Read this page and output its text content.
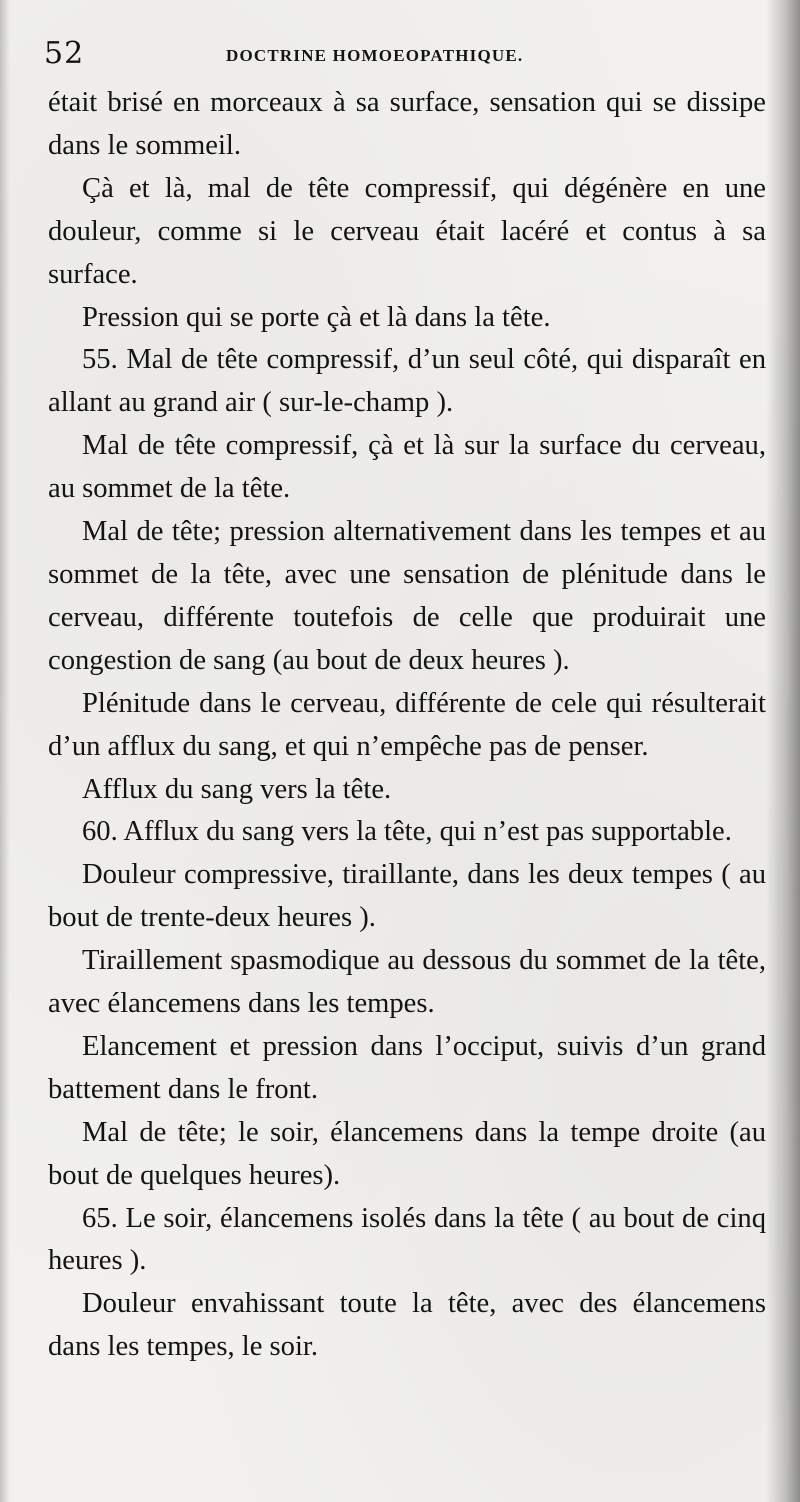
52	DOCTRINE HOMOEOPATHIQUE.

était brisé en morceaux à sa surface, sensation qui se dissipe dans le sommeil.

Çà et là, mal de tête compressif, qui dégénère en une douleur, comme si le cerveau était lacéré et contus à sa surface.

Pression qui se porte çà et là dans la tête.

55. Mal de tête compressif, d’un seul côté, qui disparaît en allant au grand air ( sur-le-champ ).

Mal de tête compressif, çà et là sur la surface du cerveau, au sommet de la tête.

Mal de tête; pression alternativement dans les tempes et au sommet de la tête, avec une sensation de plénitude dans le cerveau, différente toutefois de celle que produirait une congestion de sang (au bout de deux heures ).

Plénitude dans le cerveau, différente de cele qui résulterait d’un afflux du sang, et qui n’empêche pas de penser.

Afflux du sang vers la tête.

60. Afflux du sang vers la tête, qui n’est pas supportable.

Douleur compressive, tiraillante, dans les deux tempes ( au bout de trente-deux heures ).

Tiraillement spasmodique au dessous du sommet de la tête, avec élancemens dans les tempes.

Elancement et pression dans l’occiput, suivis d’un grand battement dans le front.

Mal de tête; le soir, élancemens dans la tempe droite (au bout de quelques heures).

65. Le soir, élancemens isolés dans la tête ( au bout de cinq heures ).

Douleur envahissant toute la tête, avec des élancemens dans les tempes, le soir.
